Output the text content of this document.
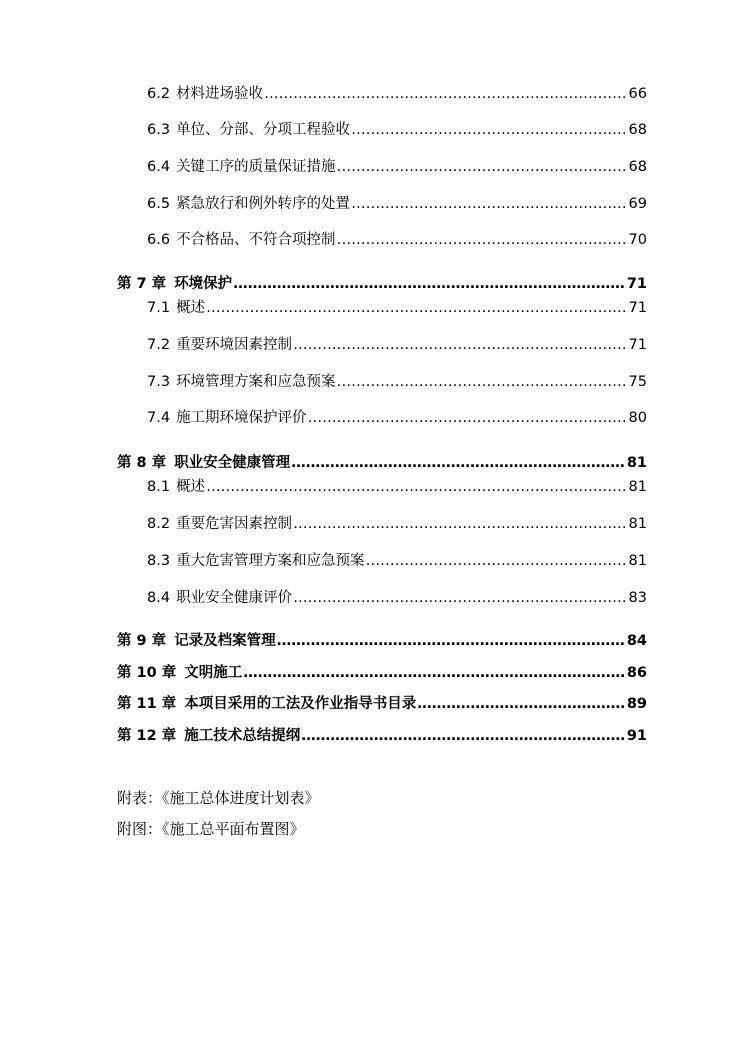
6.2 材料进场验收 ……………………………………………………………………………………………………………………………………………………………………………………………………	66
6.3 单位、分部、分项工程验收 ……………………………………………………………………………………………………………………………………………………………………………………………………	68
6.4 关键工序的质量保证措施 ……………………………………………………………………………………………………………………………………………………………………………………………………	68
6.5 紧急放行和例外转序的处置 ……………………………………………………………………………………………………………………………………………………………………………………………………	69
6.6 不合格品、不符合项控制 ……………………………………………………………………………………………………………………………………………………………………………………………………	70
第 7 章 环境保护 ……………………………………………………………………………………………………………………………………………………………………………………………………	71
7.1 概述 ……………………………………………………………………………………………………………………………………………………………………………………………………	71
7.2 重要环境因素控制 ……………………………………………………………………………………………………………………………………………………………………………………………………	71
7.3 环境管理方案和应急预案 ……………………………………………………………………………………………………………………………………………………………………………………………………	75
7.4 施工期环境保护评价 ……………………………………………………………………………………………………………………………………………………………………………………………………	80
第 8 章 职业安全健康管理 ……………………………………………………………………………………………………………………………………………………………………………………………………	81
8.1 概述 ……………………………………………………………………………………………………………………………………………………………………………………………………	81
8.2 重要危害因素控制 ……………………………………………………………………………………………………………………………………………………………………………………………………	81
8.3 重大危害管理方案和应急预案 ……………………………………………………………………………………………………………………………………………………………………………………………………	81
8.4 职业安全健康评价 ……………………………………………………………………………………………………………………………………………………………………………………………………	83
第 9 章 记录及档案管理 ……………………………………………………………………………………………………………………………………………………………………………………………………	84
第 10 章 文明施工 ……………………………………………………………………………………………………………………………………………………………………………………………………	86
第 11 章 本项目采用的工法及作业指导书目录 ……………………………………………………………………………………………………………………………………………………………………………………………………	89
第 12 章 施工技术总结提纲 ……………………………………………………………………………………………………………………………………………………………………………………………………	91
附表：《施工总体进度计划表》
附图：《施工总平面布置图》
